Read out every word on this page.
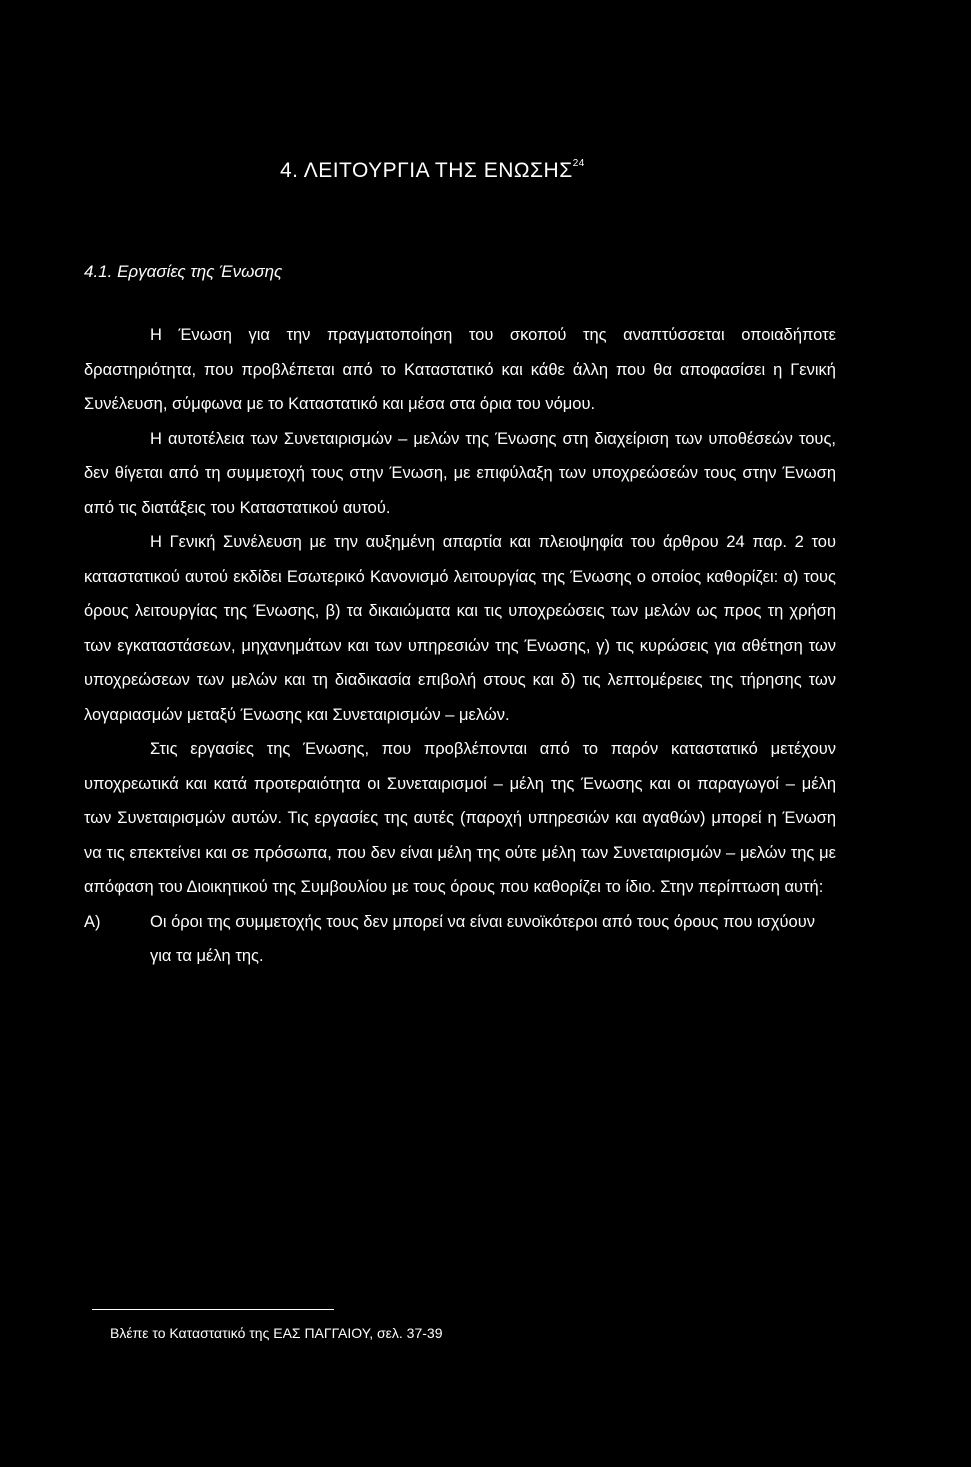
4. ΛΕΙΤΟΥΡΓΙΑ ΤΗΣ ΕΝΩΣΗΣ$^{24}$
4.1. Εργασίες της Ένωσης

Η Ένωση για την πραγματοποίηση του σκοπού της αναπτύσσεται οποιαδήποτε δραστηριότητα, που προβλέπεται από το Καταστατικό και κάθε άλλη που θα αποφασίσει η Γενική Συνέλευση, σύμφωνα με το Καταστατικό και μέσα στα όρια του νόμου.

Η αυτοτέλεια των Συνεταιρισμών – μελών της Ένωσης στη διαχείριση των υποθέσεών τους, δεν θίγεται από τη συμμετοχή τους στην Ένωση, με επιφύλαξη των υποχρεώσεών τους στην Ένωση από τις διατάξεις του Καταστατικού αυτού.

Η Γενική Συνέλευση με την αυξημένη απαρτία και πλειοψηφία του άρθρου 24 παρ. 2 του καταστατικού αυτού εκδίδει Εσωτερικό Κανονισμό λειτουργίας της Ένωσης ο οποίος καθορίζει: α) τους όρους λειτουργίας της Ένωσης, β) τα δικαιώματα και τις υποχρεώσεις των μελών ως προς τη χρήση των εγκαταστάσεων, μηχανημάτων και των υπηρεσιών της Ένωσης, γ) τις κυρώσεις για αθέτηση των υποχρεώσεων των μελών και τη διαδικασία επιβολή στους και δ) τις λεπτομέρειες της τήρησης των λογαριασμών μεταξύ Ένωσης και Συνεταιρισμών – μελών.

Στις εργασίες της Ένωσης, που προβλέπονται από το παρόν καταστατικό μετέχουν υποχρεωτικά και κατά προτεραιότητα οι Συνεταιρισμοί – μέλη της Ένωσης και οι παραγωγοί – μέλη των Συνεταιρισμών αυτών. Τις εργασίες της αυτές (παροχή υπηρεσιών και αγαθών) μπορεί η Ένωση να τις επεκτείνει και σε πρόσωπα, που δεν είναι μέλη της ούτε μέλη των Συνεταιρισμών – μελών της με απόφαση του Διοικητικού της Συμβουλίου με τους όρους που καθορίζει το ίδιο. Στην περίπτωση αυτή:

Α)	Οι όροι της συμμετοχής τους δεν μπορεί να είναι ευνοϊκότεροι από τους όρους που ισχύουν για τα μέλη της.
Βλέπε το Καταστατικό της ΕΑΣ ΠΑΓΓΑΙΟΥ, σελ. 37-39
